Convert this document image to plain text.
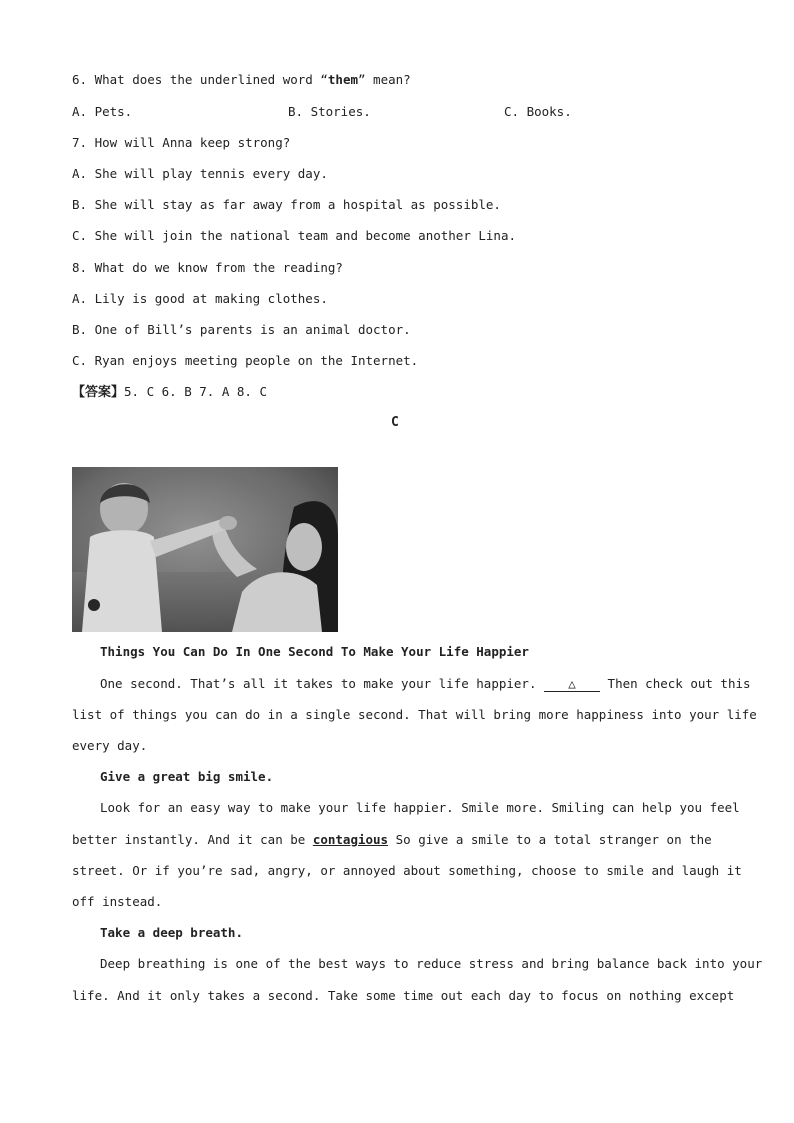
6. What does the underlined word “them” mean?
A. Pets.	B. Stories.	C. Books.
7. How will Anna keep strong?
A. She will play tennis every day.
B. She will stay as far away from a hospital as possible.
C. She will join the national team and become another Lina.
8. What do we know from the reading?
A. Lily is good at making clothes.
B. One of Bill’s parents is an animal doctor.
C. Ryan enjoys meeting people on the Internet.
【答案】5. C 6. B 7. A 8. C
C
Things You Can Do In One Second To Make Your Life Happier
One second. That’s all it takes to make your life happier. △ Then check out this
list of things you can do in a single second. That will bring more happiness into your life
every day.
Give a great big smile.
Look for an easy way to make your life happier. Smile more. Smiling can help you feel
better instantly. And it can be contagious So give a smile to a total stranger on the
street. Or if you’re sad, angry, or annoyed about something, choose to smile and laugh it
off instead.
Take a deep breath.
Deep breathing is one of the best ways to reduce stress and bring balance back into your
life. And it only takes a second. Take some time out each day to focus on nothing except
